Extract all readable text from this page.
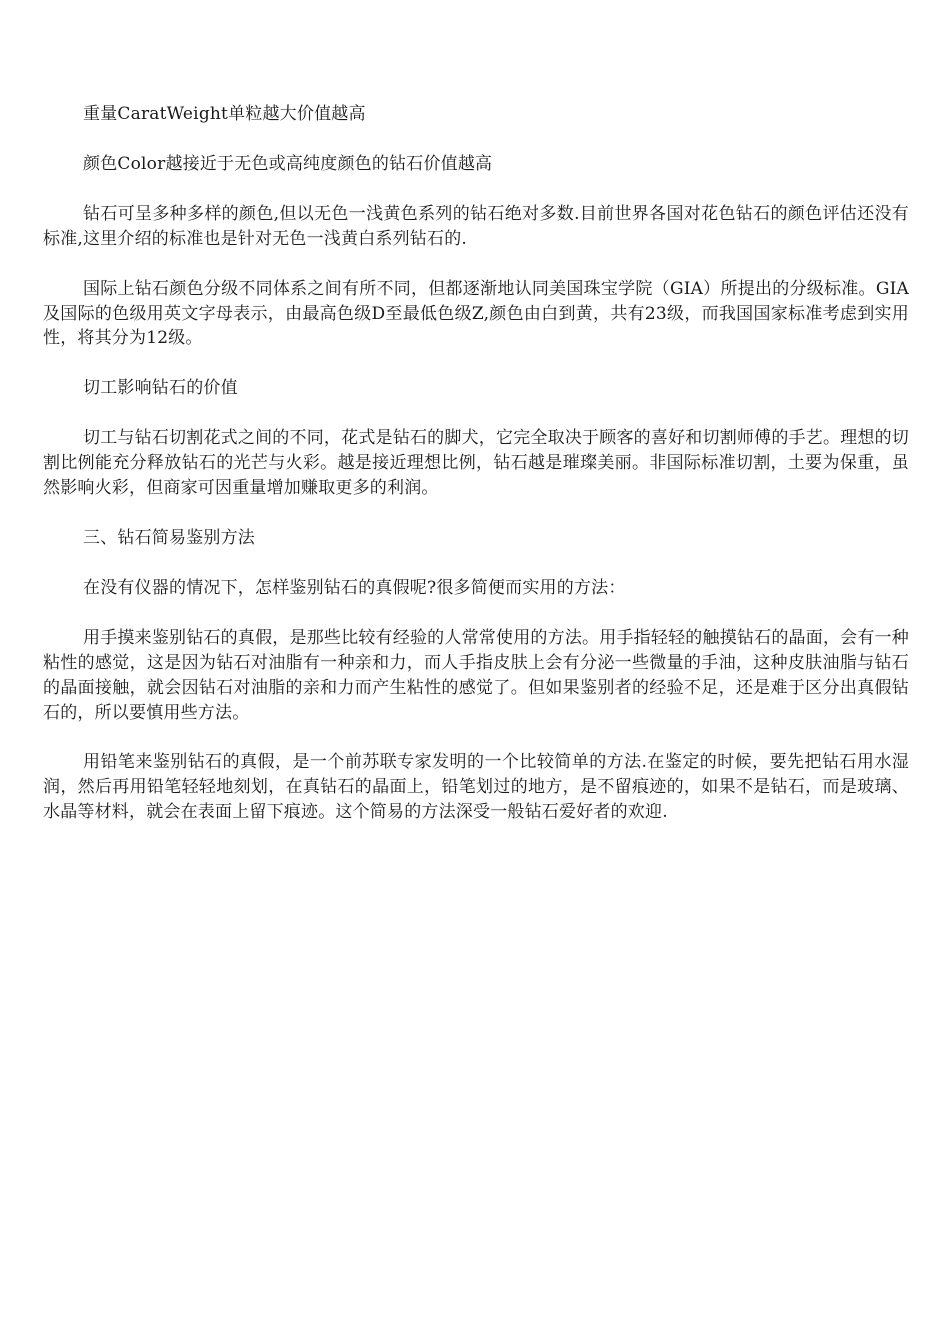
重量CaratWeight单粒越大价值越高

颜色Color越接近于无色或高纯度颜色的钻石价值越高

钻石可呈多种多样的颜色,但以无色一浅黄色系列的钻石绝对多数.目前世界各国对花色钻石的颜色评估还没有标准,这里介绍的标准也是针对无色一浅黄白系列钻石的.

国际上钻石颜色分级不同体系之间有所不同，但都逐渐地认同美国珠宝学院（GIA）所提出的分级标准。GIA及国际的色级用英文字母表示，由最高色级D至最低色级Z,颜色由白到黄，共有23级，而我国国家标准考虑到实用性，将其分为12级。

切工影响钻石的价值

切工与钻石切割花式之间的不同，花式是钻石的脚犬，它完全取决于顾客的喜好和切割师傅的手艺。理想的切割比例能充分释放钻石的光芒与火彩。越是接近理想比例，钻石越是璀璨美丽。非国际标准切割，土要为保重，虽然影响火彩，但商家可因重量增加赚取更多的利润。

三、钻石简易鉴别方法

在没有仪器的情况下，怎样鉴别钻石的真假呢?很多简便而实用的方法：

用手摸来鉴别钻石的真假，是那些比较有经验的人常常使用的方法。用手指轻轻的触摸钻石的晶面，会有一种粘性的感觉，这是因为钻石对油脂有一种亲和力，而人手指皮肤上会有分泌一些微量的手油，这种皮肤油脂与钻石的晶面接触，就会因钻石对油脂的亲和力而产生粘性的感觉了。但如果鉴别者的经验不足，还是难于区分出真假钻石的，所以要慎用些方法。

用铅笔来鉴别钻石的真假，是一个前苏联专家发明的一个比较简单的方法.在鉴定的时候，要先把钻石用水湿润，然后再用铅笔轻轻地刻划，在真钻石的晶面上，铅笔划过的地方，是不留痕迹的，如果不是钻石，而是玻璃、水晶等材料，就会在表面上留下痕迹。这个简易的方法深受一般钻石爱好者的欢迎.
